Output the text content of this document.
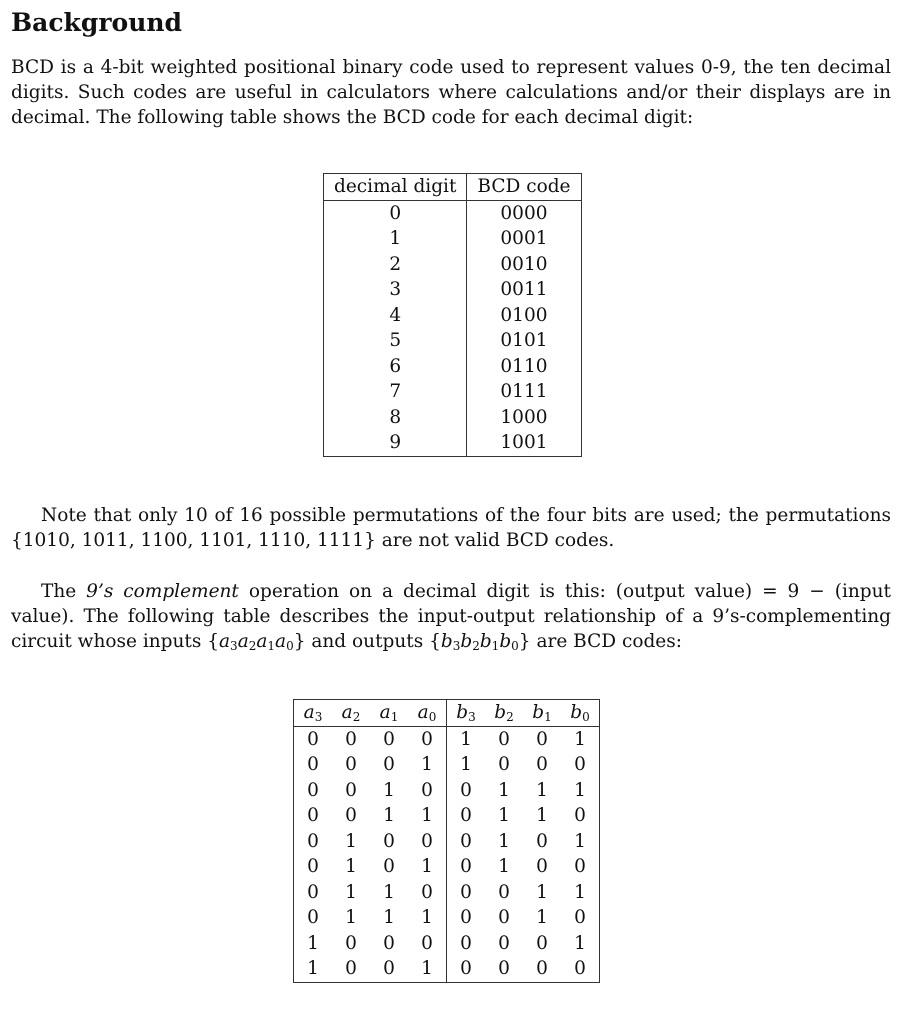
Background

BCD is a 4-bit weighted positional binary code used to represent values 0-9, the ten decimal digits. Such codes are useful in calculators where calculations and/or their displays are in decimal. The following table shows the BCD code for each decimal digit:

decimal digit	BCD code
0	0000
1	0001
2	0010
3	0011
4	0100
5	0101
6	0110
7	0111
8	1000
9	1001

Note that only 10 of 16 possible permutations of the four bits are used; the permutations {1010, 1011, 1100, 1101, 1110, 1111} are not valid BCD codes.

The 9’s complement operation on a decimal digit is this: (output value) = 9 − (input value). The following table describes the input-output relationship of a 9’s-complementing circuit whose inputs $\{a_3a_2a_1a_0\}$ and outputs $\{b_3b_2b_1b_0\}$ are BCD codes:

$a_3$	$a_2$	$a_1$	$a_0$	$b_3$	$b_2$	$b_1$	$b_0$
0	0	0	0	1	0	0	1
0	0	0	1	1	0	0	0
0	0	1	0	0	1	1	1
0	0	1	1	0	1	1	0
0	1	0	0	0	1	0	1
0	1	0	1	0	1	0	0
0	1	1	0	0	0	1	1
0	1	1	1	0	0	1	0
1	0	0	0	0	0	0	1
1	0	0	1	0	0	0	0
